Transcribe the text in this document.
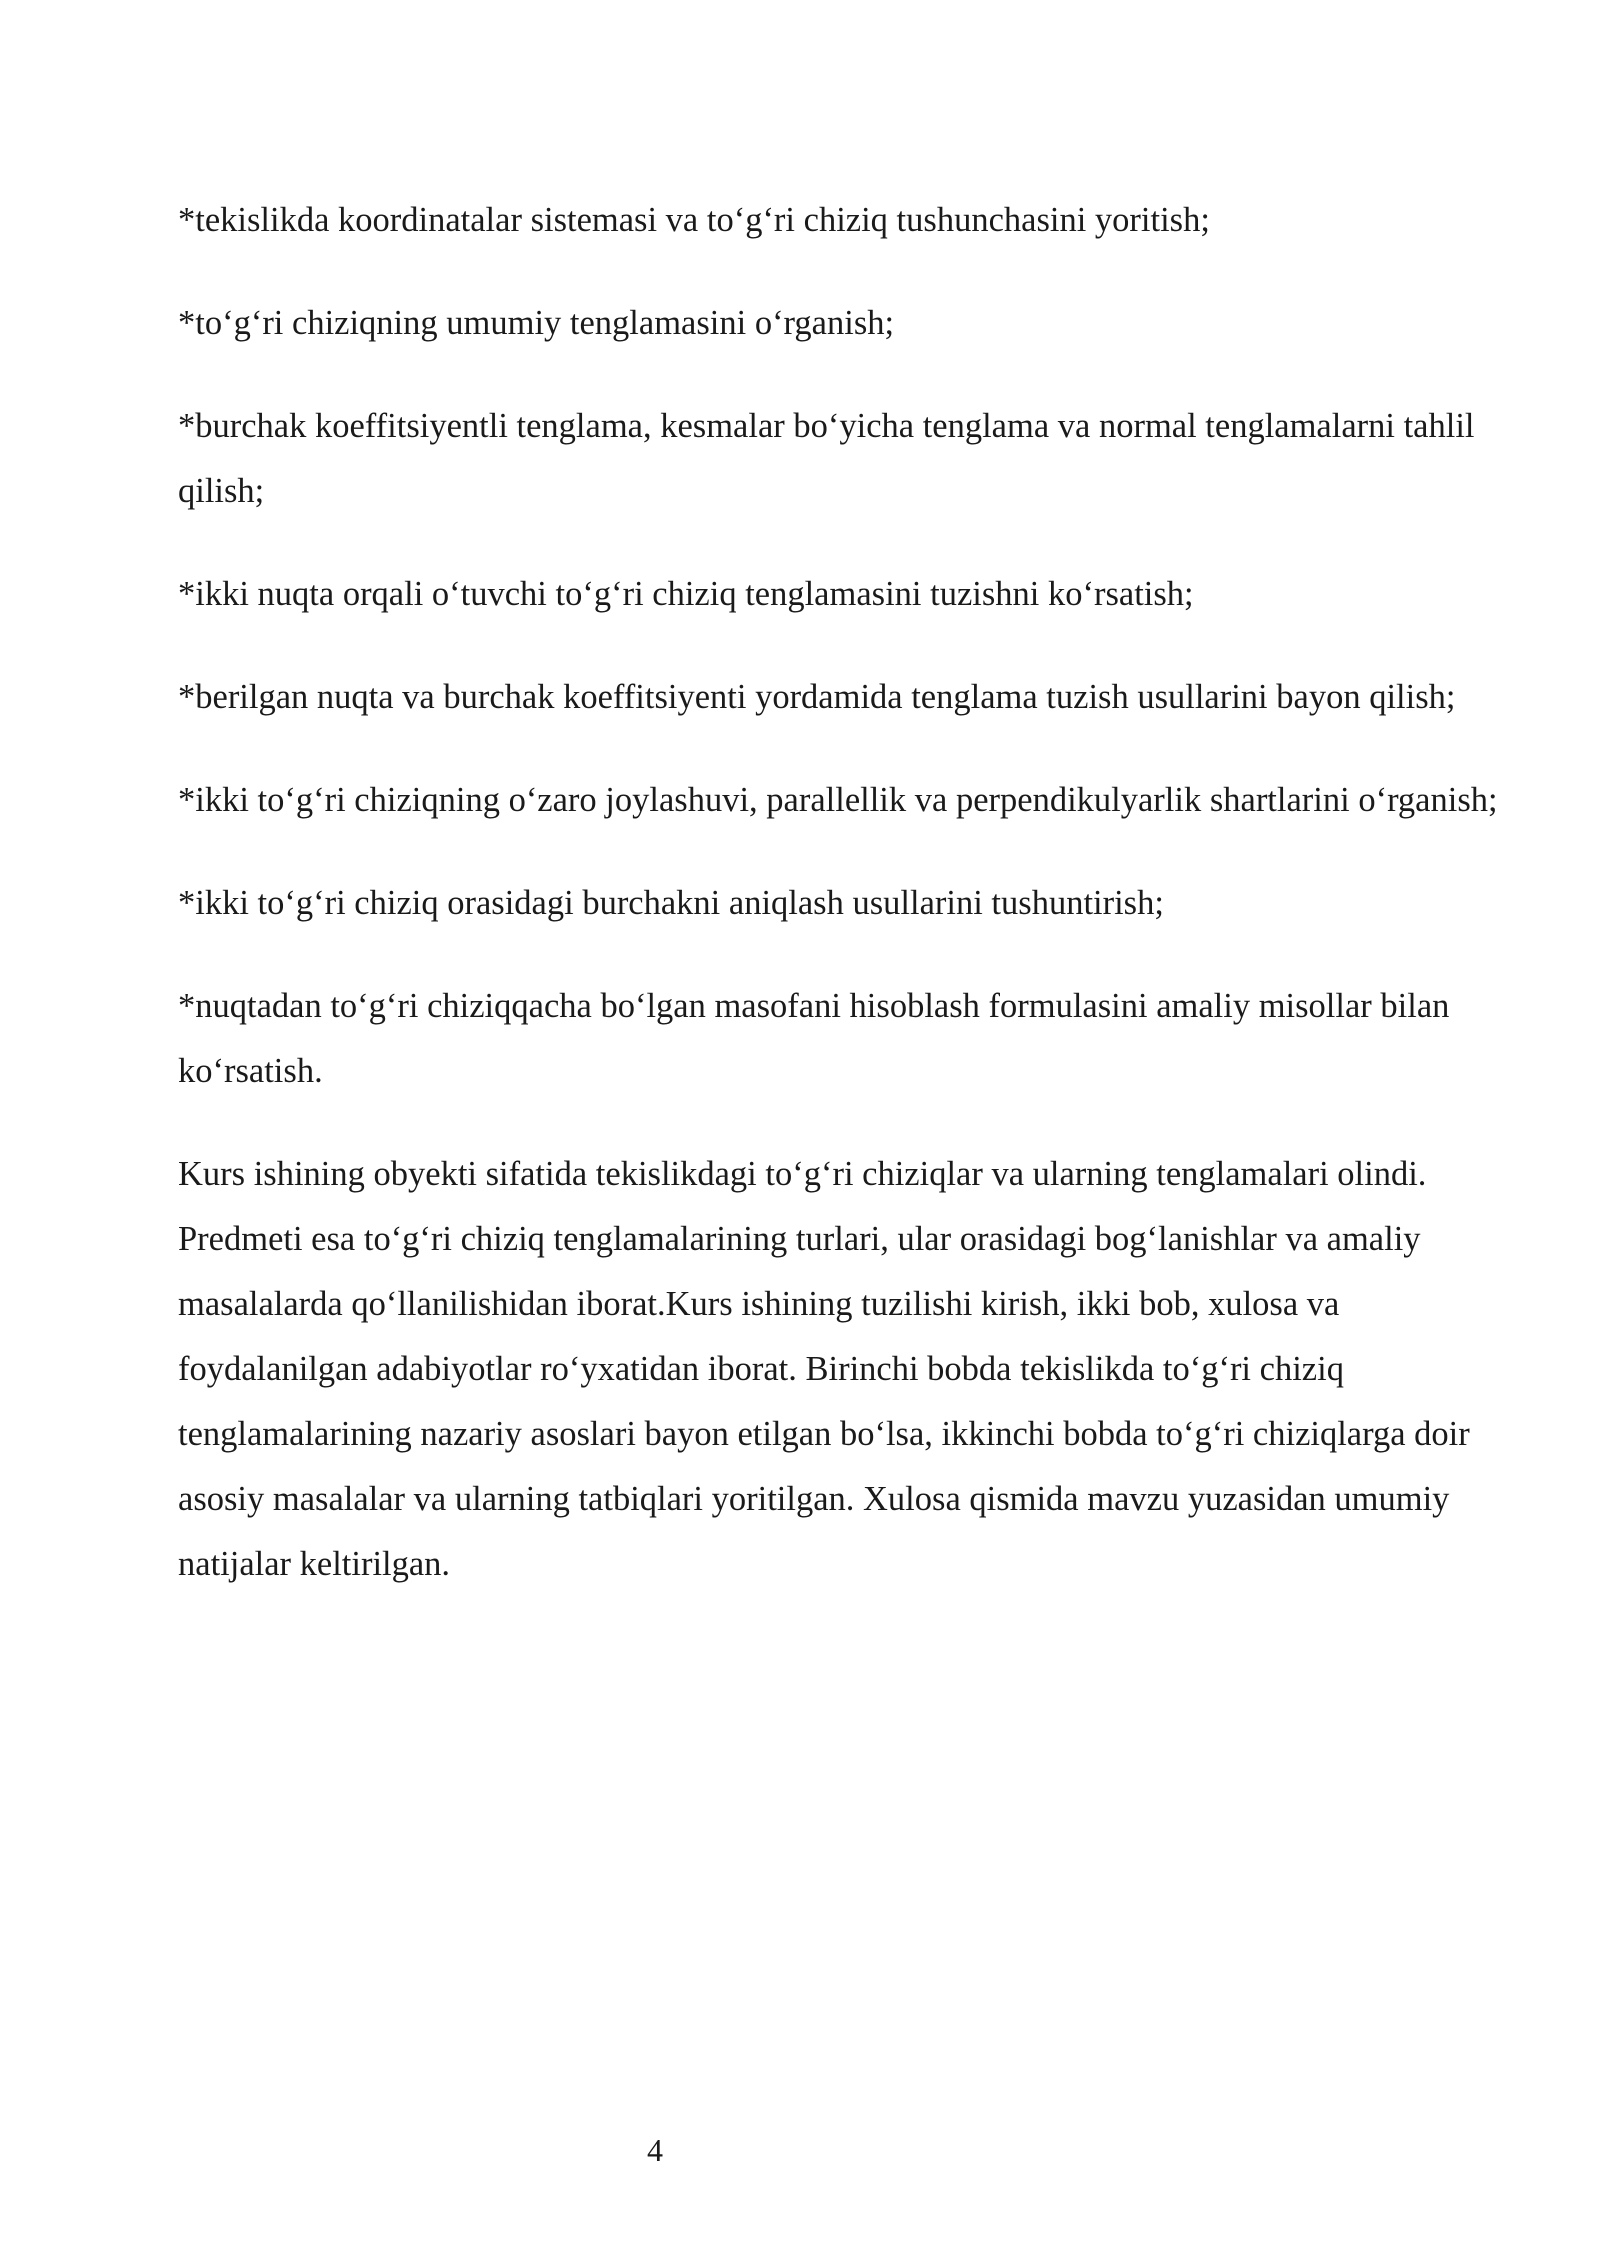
*tekislikda koordinatalar sistemasi va to‘g‘ri chiziq tushunchasini yoritish;

*to‘g‘ri chiziqning umumiy tenglamasini o‘rganish;

*burchak koeffitsiyentli tenglama, kesmalar bo‘yicha tenglama va normal tenglamalarni tahlil qilish;

*ikki nuqta orqali o‘tuvchi to‘g‘ri chiziq tenglamasini tuzishni ko‘rsatish;

*berilgan nuqta va burchak koeffitsiyenti yordamida tenglama tuzish usullarini bayon qilish;

*ikki to‘g‘ri chiziqning o‘zaro joylashuvi, parallellik va perpendikulyarlik shartlarini o‘rganish;

*ikki to‘g‘ri chiziq orasidagi burchakni aniqlash usullarini tushuntirish;

*nuqtadan to‘g‘ri chiziqqacha bo‘lgan masofani hisoblash formulasini amaliy misollar bilan ko‘rsatish.

Kurs ishining obyekti sifatida tekislikdagi to‘g‘ri chiziqlar va ularning tenglamalari olindi. Predmeti esa to‘g‘ri chiziq tenglamalarining turlari, ular orasidagi bog‘lanishlar va amaliy masalalarda qo‘llanilishidan iborat.Kurs ishining tuzilishi kirish, ikki bob, xulosa va foydalanilgan adabiyotlar ro‘yxatidan iborat. Birinchi bobda tekislikda to‘g‘ri chiziq tenglamalarining nazariy asoslari bayon etilgan bo‘lsa, ikkinchi bobda to‘g‘ri chiziqlarga doir asosiy masalalar va ularning tatbiqlari yoritilgan. Xulosa qismida mavzu yuzasidan umumiy natijalar keltirilgan.

4
